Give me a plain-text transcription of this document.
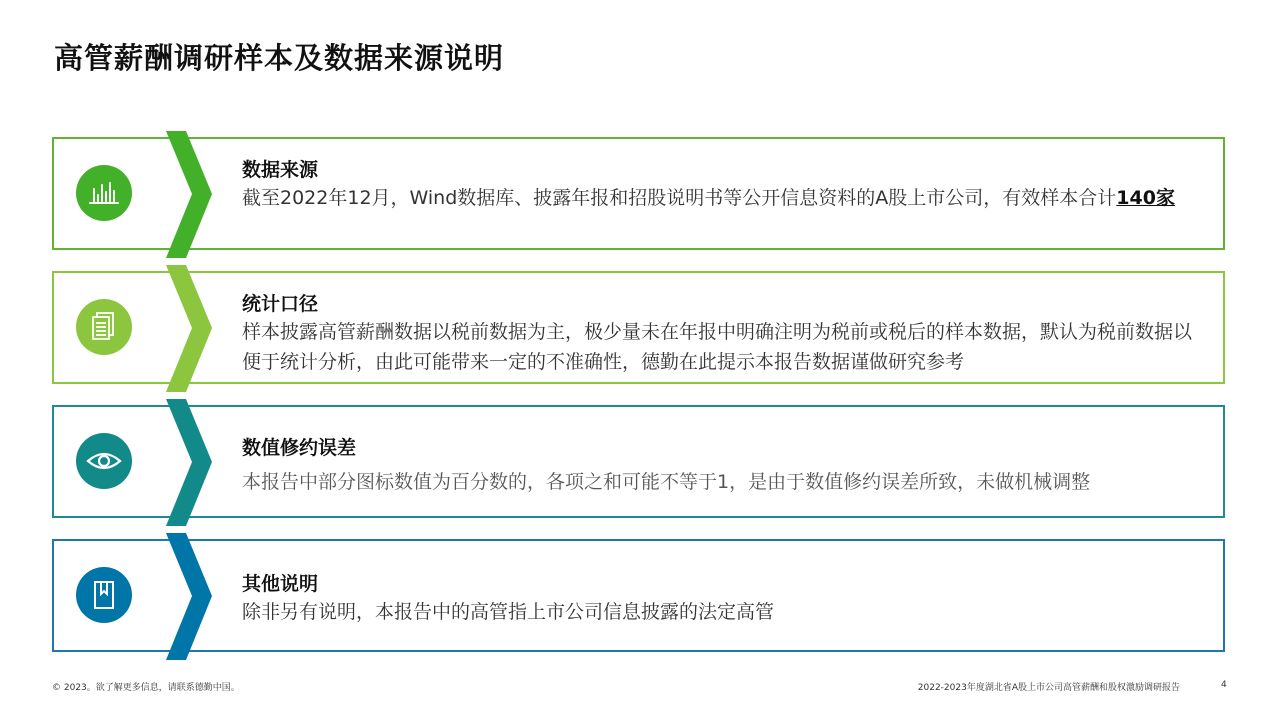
高管薪酬调研样本及数据来源说明
数据来源
截至2022年12月，Wind数据库、披露年报和招股说明书等公开信息资料的A股上市公司，有效样本合计140家
统计口径
样本披露高管薪酬数据以税前数据为主，极少量未在年报中明确注明为税前或税后的样本数据，默认为税前数据以便于统计分析，由此可能带来一定的不准确性，德勤在此提示本报告数据谨做研究参考
数值修约误差
本报告中部分图标数值为百分数的，各项之和可能不等于1，是由于数值修约误差所致，未做机械调整
其他说明
除非另有说明，本报告中的高管指上市公司信息披露的法定高管
© 2023。欲了解更多信息，请联系德勤中国。	2022-2023年度湖北省A股上市公司高管薪酬和股权激励调研报告	4
